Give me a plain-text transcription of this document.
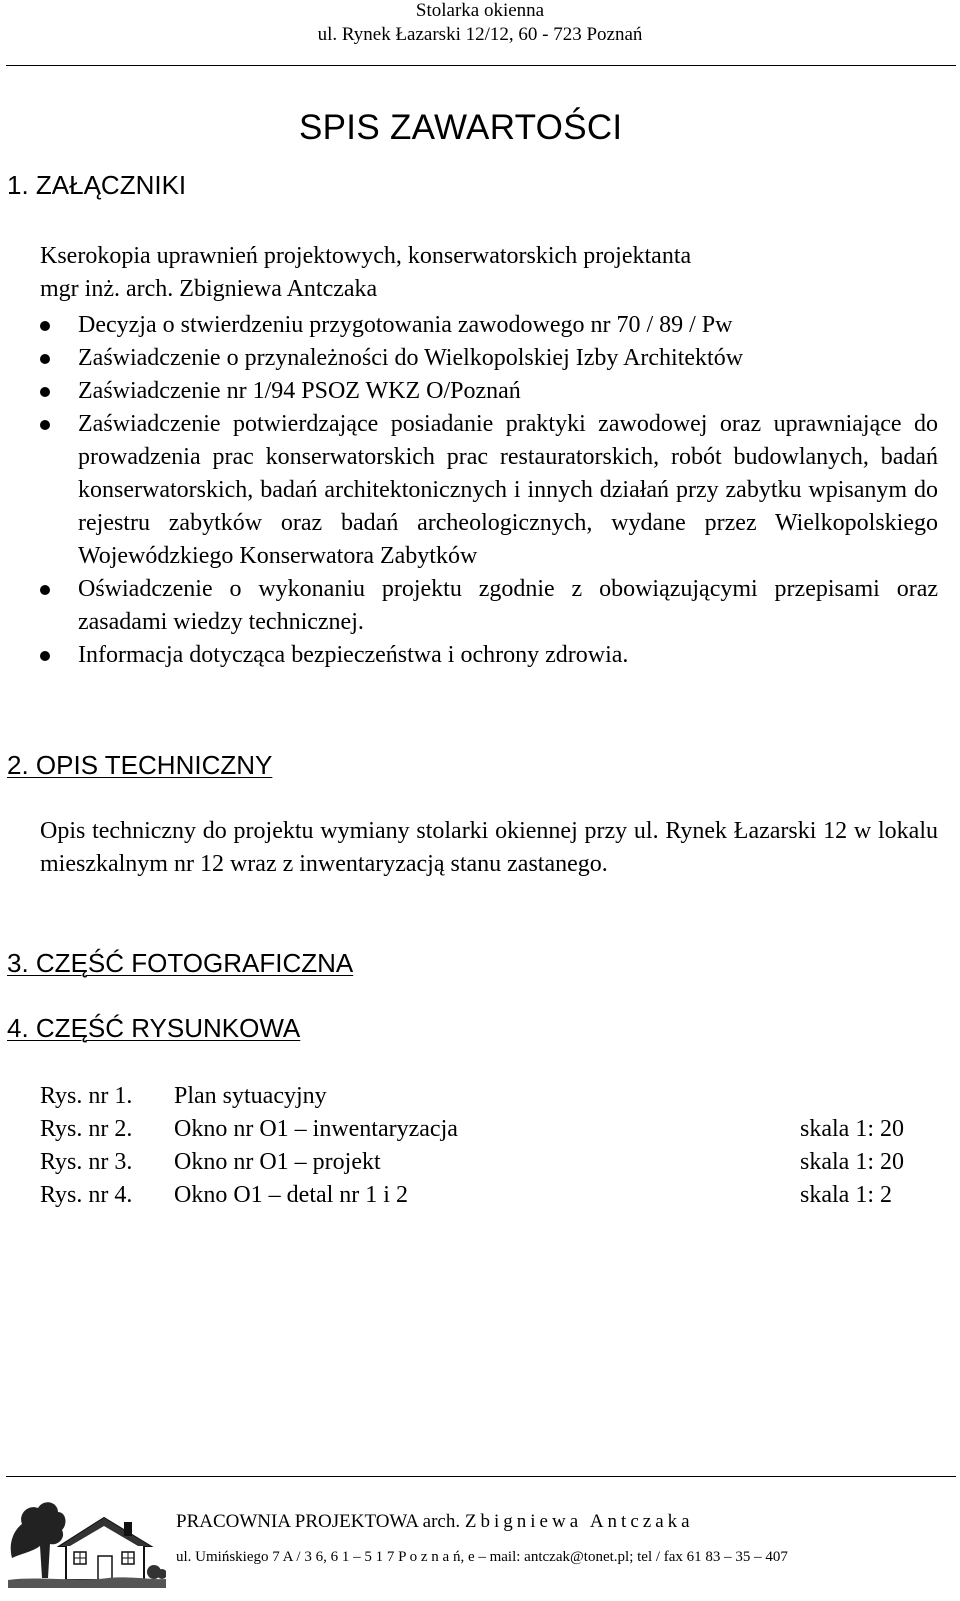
Stolarka okienna
ul. Rynek Łazarski 12/12, 60 - 723 Poznań
SPIS ZAWARTOŚCI
1. ZAŁĄCZNIKI
Kserokopia uprawnień projektowych, konserwatorskich projektanta
mgr inż. arch. Zbigniewa Antczaka
Decyzja o stwierdzeniu przygotowania zawodowego nr 70 / 89 / Pw
Zaświadczenie o przynależności do Wielkopolskiej Izby Architektów
Zaświadczenie nr 1/94 PSOZ WKZ O/Poznań
Zaświadczenie potwierdzające posiadanie praktyki zawodowej oraz uprawniające do prowadzenia prac konserwatorskich prac restauratorskich, robót budowlanych, badań konserwatorskich, badań architektonicznych i innych działań przy zabytku wpisanym do rejestru zabytków oraz badań archeologicznych, wydane przez Wielkopolskiego Wojewódzkiego Konserwatora Zabytków
Oświadczenie o wykonaniu projektu zgodnie z obowiązującymi przepisami oraz zasadami wiedzy technicznej.
Informacja dotycząca bezpieczeństwa i ochrony zdrowia.
2. OPIS TECHNICZNY
Opis techniczny do projektu wymiany stolarki okiennej przy ul. Rynek Łazarski 12 w lokalu mieszkalnym nr 12 wraz z inwentaryzacją stanu zastanego.
3. CZĘŚĆ FOTOGRAFICZNA
4. CZĘŚĆ RYSUNKOWA
Rys. nr 1. Plan sytuacyjny
Rys. nr 2. Okno nr O1 – inwentaryzacja	skala 1: 20
Rys. nr 3. Okno nr O1 – projekt	skala 1: 20
Rys. nr 4. Okno O1 – detal nr 1 i 2	skala 1: 2
PRACOWNIA PROJEKTOWA arch. Zbigniewa Antczaka
ul. Umińskiego 7 A / 3 6, 6 1 – 5 1 7 P o z n a ń, e – mail: antczak@tonet.pl; tel / fax 61 83 – 35 – 407
